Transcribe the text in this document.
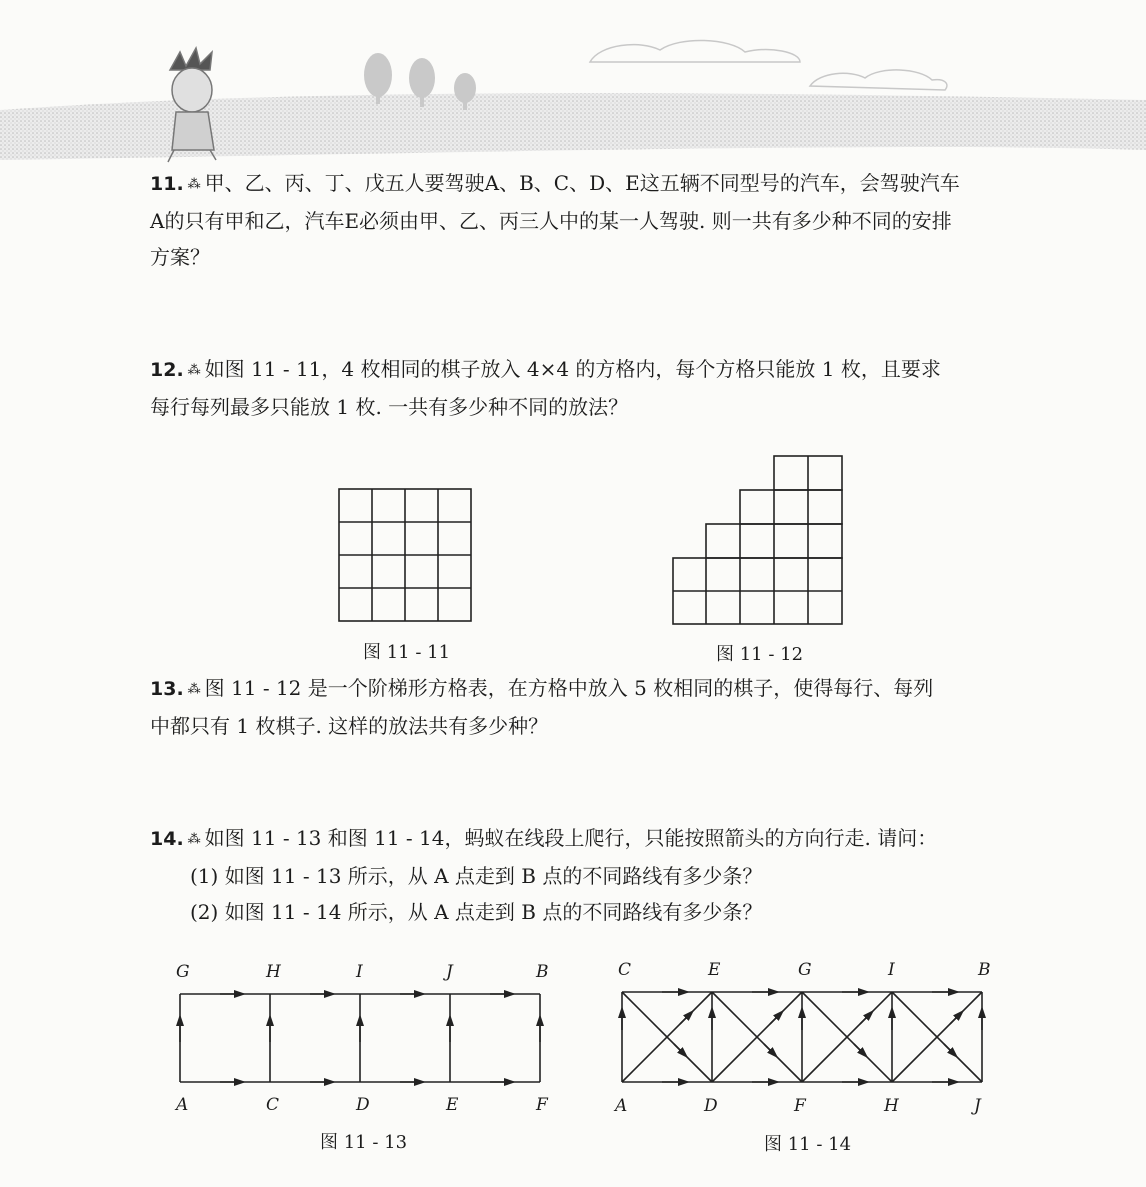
11. ⁂ 甲、乙、丙、丁、戊五人要驾驶A、B、C、D、E这五辆不同型号的汽车，会驾驶汽车
A的只有甲和乙，汽车E必须由甲、乙、丙三人中的某一人驾驶. 则一共有多少种不同的安排
方案？
12. ⁂ 如图 11 - 11，4 枚相同的棋子放入 4×4 的方格内，每个方格只能放 1 枚，且要求
每行每列最多只能放 1 枚. 一共有多少种不同的放法？
图 11 - 11	图 11 - 12
13. ⁂ 图 11 - 12 是一个阶梯形方格表，在方格中放入 5 枚相同的棋子，使得每行、每列
中都只有 1 枚棋子. 这样的放法共有多少种？
14. ⁂ 如图 11 - 13 和图 11 - 14，蚂蚁在线段上爬行，只能按照箭头的方向行走. 请问：
(1) 如图 11 - 13 所示，从 A 点走到 B 点的不同路线有多少条？
(2) 如图 11 - 14 所示，从 A 点走到 B 点的不同路线有多少条？
G	H	I	J	B
A	C	D	E	F
图 11 - 13
C	E	G	I	B
A	D	F	H	J
图 11 - 14
